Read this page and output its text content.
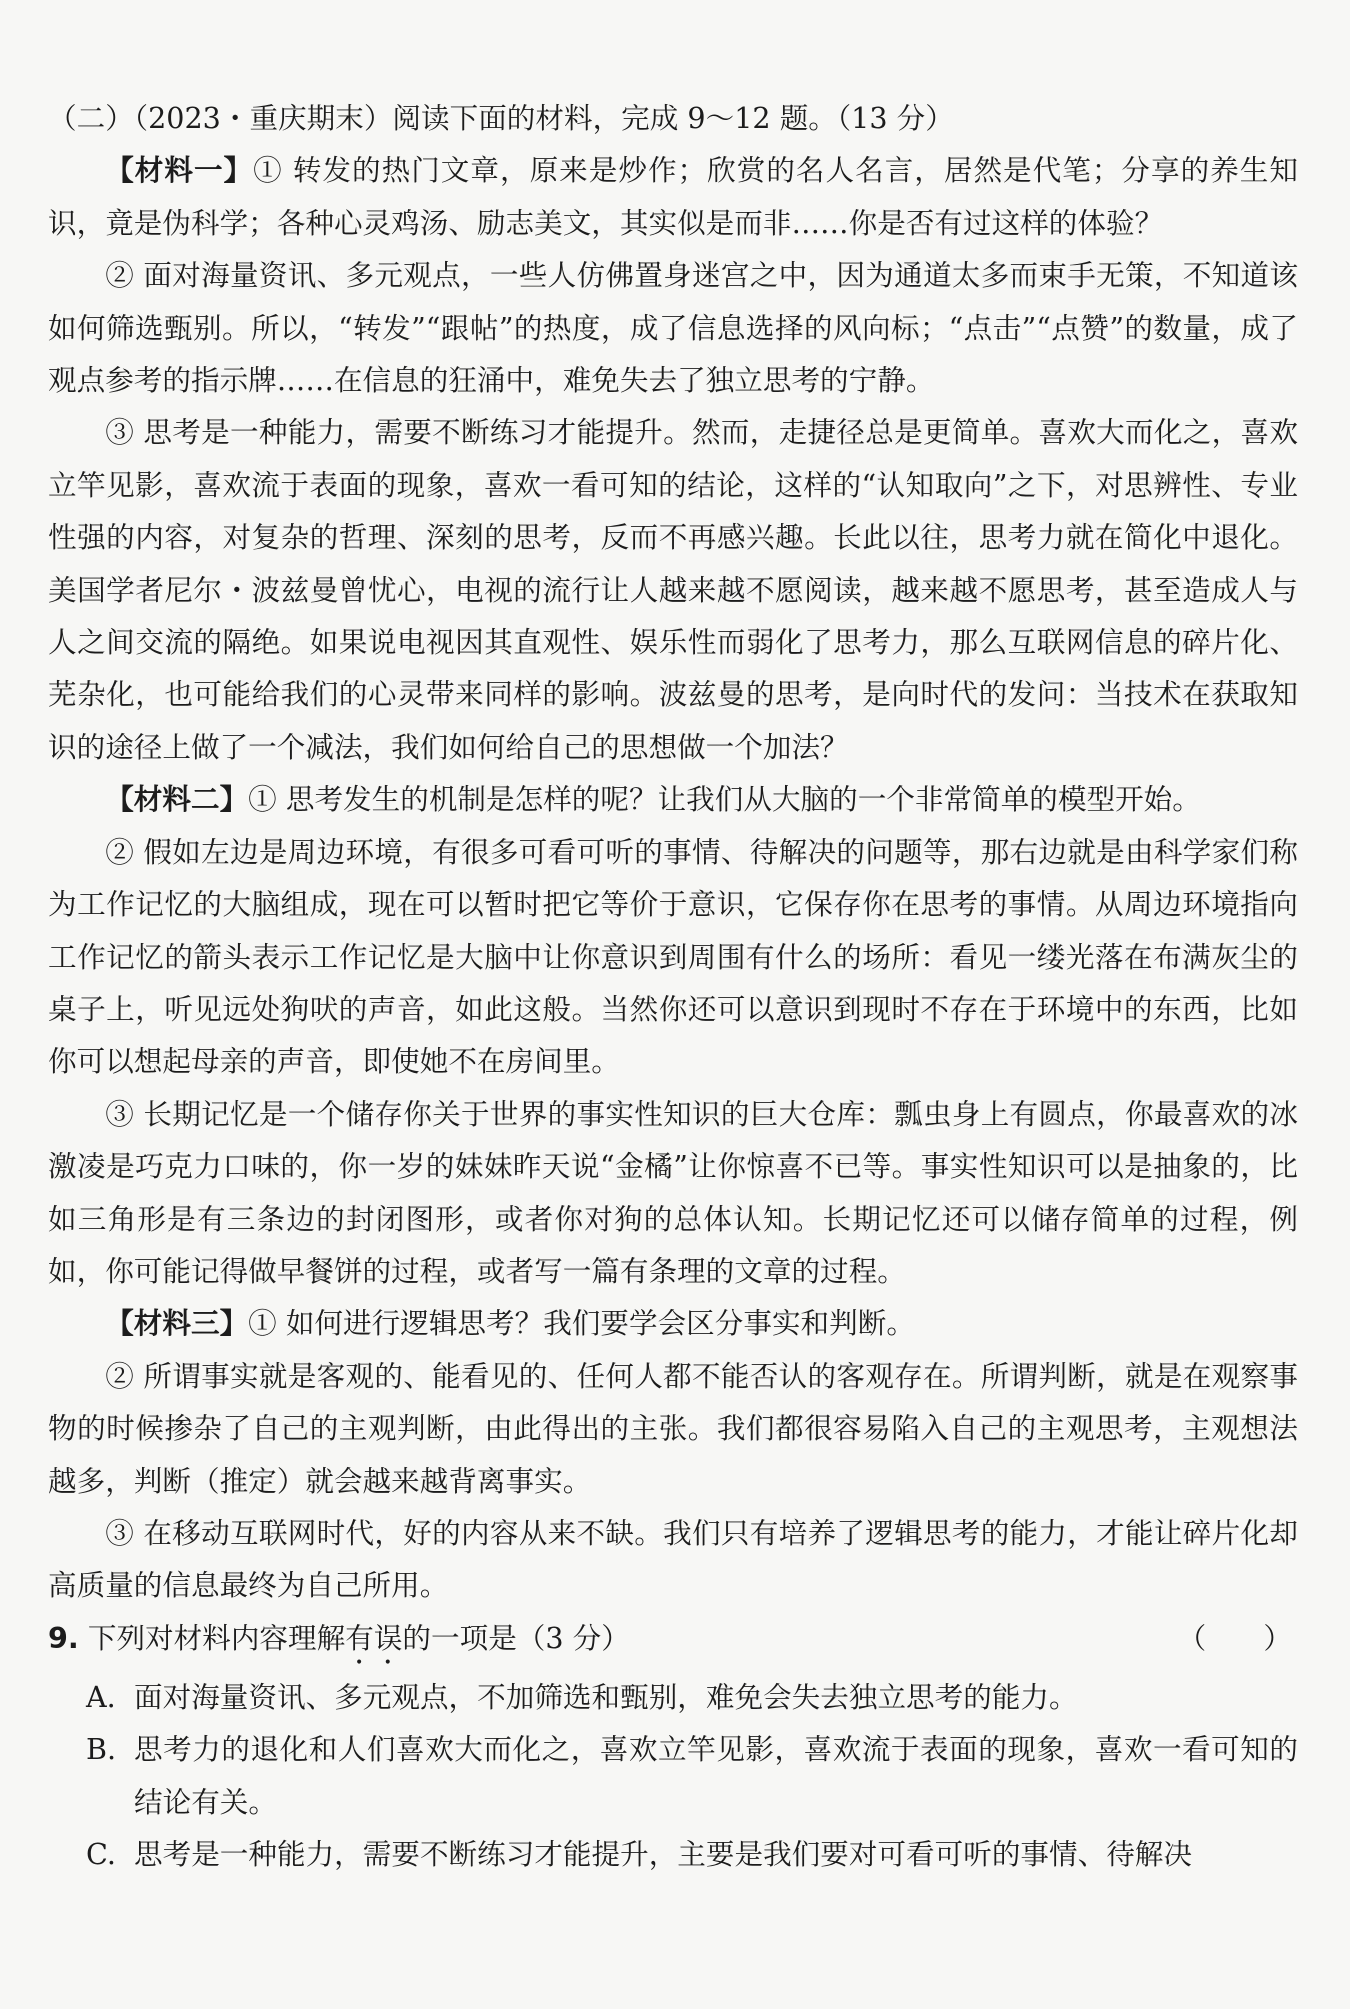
（二）（2023・重庆期末）阅读下面的材料，完成 9～12 题。（13 分）

【材料一】① 转发的热门文章，原来是炒作；欣赏的名人名言，居然是代笔；分享的养生知识，竟是伪科学；各种心灵鸡汤、励志美文，其实似是而非……你是否有过这样的体验？

② 面对海量资讯、多元观点，一些人仿佛置身迷宫之中，因为通道太多而束手无策，不知道该如何筛选甄别。所以，“转发”“跟帖”的热度，成了信息选择的风向标；“点击”“点赞”的数量，成了观点参考的指示牌……在信息的狂涌中，难免失去了独立思考的宁静。

③ 思考是一种能力，需要不断练习才能提升。然而，走捷径总是更简单。喜欢大而化之，喜欢立竿见影，喜欢流于表面的现象，喜欢一看可知的结论，这样的“认知取向”之下，对思辨性、专业性强的内容，对复杂的哲理、深刻的思考，反而不再感兴趣。长此以往，思考力就在简化中退化。美国学者尼尔・波兹曼曾忧心，电视的流行让人越来越不愿阅读，越来越不愿思考，甚至造成人与人之间交流的隔绝。如果说电视因其直观性、娱乐性而弱化了思考力，那么互联网信息的碎片化、芜杂化，也可能给我们的心灵带来同样的影响。波兹曼的思考，是向时代的发问：当技术在获取知识的途径上做了一个减法，我们如何给自己的思想做一个加法？

【材料二】① 思考发生的机制是怎样的呢？让我们从大脑的一个非常简单的模型开始。

② 假如左边是周边环境，有很多可看可听的事情、待解决的问题等，那右边就是由科学家们称为工作记忆的大脑组成，现在可以暂时把它等价于意识，它保存你在思考的事情。从周边环境指向工作记忆的箭头表示工作记忆是大脑中让你意识到周围有什么的场所：看见一缕光落在布满灰尘的桌子上，听见远处狗吠的声音，如此这般。当然你还可以意识到现时不存在于环境中的东西，比如你可以想起母亲的声音，即使她不在房间里。

③ 长期记忆是一个储存你关于世界的事实性知识的巨大仓库：瓢虫身上有圆点，你最喜欢的冰激凌是巧克力口味的，你一岁的妹妹昨天说“金橘”让你惊喜不已等。事实性知识可以是抽象的，比如三角形是有三条边的封闭图形，或者你对狗的总体认知。长期记忆还可以储存简单的过程，例如，你可能记得做早餐饼的过程，或者写一篇有条理的文章的过程。

【材料三】① 如何进行逻辑思考？我们要学会区分事实和判断。

② 所谓事实就是客观的、能看见的、任何人都不能否认的客观存在。所谓判断，就是在观察事物的时候掺杂了自己的主观判断，由此得出的主张。我们都很容易陷入自己的主观思考，主观想法越多，判断（推定）就会越来越背离事实。

③ 在移动互联网时代，好的内容从来不缺。我们只有培养了逻辑思考的能力，才能让碎片化却高质量的信息最终为自己所用。

9. 下列对材料内容理解有误的一项是（3 分）	（　　）
A. 面对海量资讯、多元观点，不加筛选和甄别，难免会失去独立思考的能力。
B. 思考力的退化和人们喜欢大而化之，喜欢立竿见影，喜欢流于表面的现象，喜欢一看可知的结论有关。
C. 思考是一种能力，需要不断练习才能提升，主要是我们要对可看可听的事情、待解决
